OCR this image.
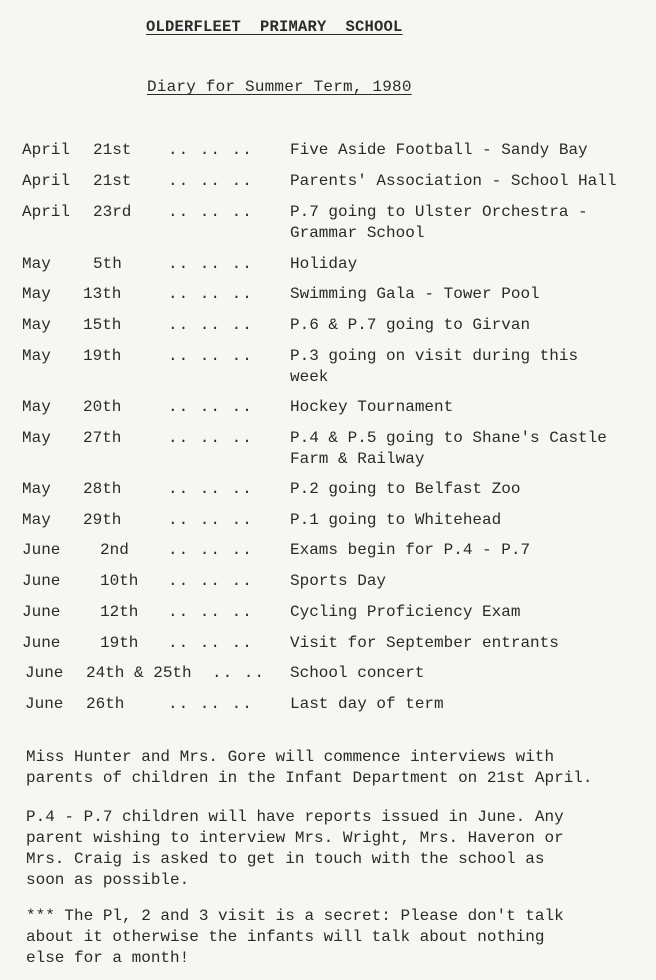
OLDERFLEET  PRIMARY  SCHOOL
Diary for Summer Term, 1980
April 21st .. .. .. Five Aside Football - Sandy Bay
April 21st .. .. .. Parents' Association - School Hall
April 23rd .. .. .. P.7 going to Ulster Orchestra -
Grammar School
May	5th	.. .. .. Holiday
May 13th	.. .. .. Swimming Gala - Tower Pool
May 15th	.. .. .. P.6 & P.7 going to Girvan
May 19th	.. .. .. P.3 going on visit during this
week
May 20th	.. .. .. Hockey Tournament
May 27th	.. .. .. P.4 & P.5 going to Shane's Castle
Farm & Railway
May 28th	.. .. .. P.2 going to Belfast Zoo
May 29th	.. .. .. P.1 going to Whitehead
June 2nd .. .. .. Exams begin for P.4 - P.7
June 10th .. .. .. Sports Day
June 12th .. .. .. Cycling Proficiency Exam
June 19th .. .. .. Visit for September entrants
June 24th & 25th .. .. School concert
June 26th	.. .. .. Last day of term
Miss Hunter and Mrs. Gore will commence interviews with
parents of children in the Infant Department on 21st April.
P.4 - P.7 children will have reports issued in June. Any
parent wishing to interview Mrs. Wright, Mrs. Haveron or
Mrs. Craig is asked to get in touch with the school as
soon as possible.
*** The Pl, 2 and 3 visit is a secret: Please don't talk
about it otherwise the infants will talk about nothing
else for a month!
